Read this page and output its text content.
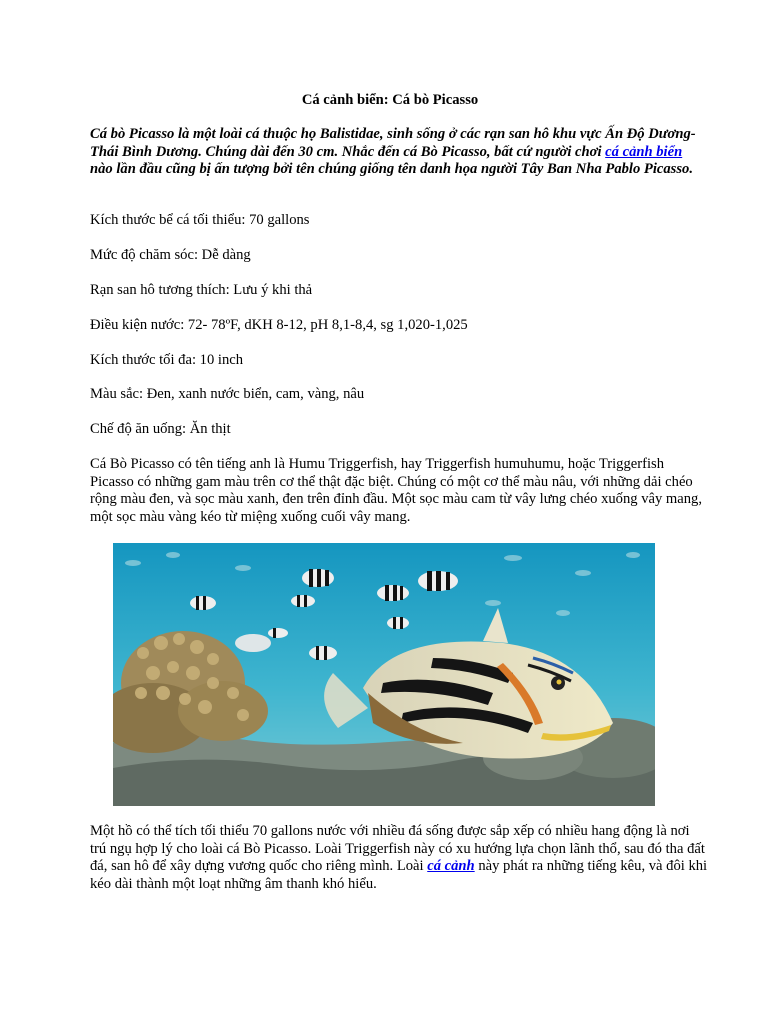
Cá cảnh biển: Cá bò Picasso

Cá bò Picasso là một loài cá thuộc họ Balistidae, sinh sống ở các rạn san hô khu vực Ấn Độ Dương-Thái Bình Dương. Chúng dài đến 30 cm. Nhắc đến cá Bò Picasso, bất cứ người chơi cá cảnh biển nào lần đầu cũng bị ấn tượng bởi tên chúng giống tên danh họa người Tây Ban Nha Pablo Picasso.

Kích thước bể cá tối thiểu: 70 gallons

Mức độ chăm sóc: Dễ dàng

Rạn san hô tương thích: Lưu ý khi thả

Điều kiện nước: 72- 78ºF, dKH 8-12, pH 8,1-8,4, sg 1,020-1,025

Kích thước tối đa: 10 inch

Màu sắc: Đen, xanh nước biển, cam, vàng, nâu

Chế độ ăn uống: Ăn thịt

Cá Bò Picasso có tên tiếng anh là Humu Triggerfish, hay Triggerfish humuhumu, hoặc Triggerfish Picasso có những gam màu trên cơ thể thật đặc biệt. Chúng có một cơ thể màu nâu, với những dải chéo rộng màu đen, và sọc màu xanh, đen trên đỉnh đầu. Một sọc màu cam từ vây lưng chéo xuống vây mang, một sọc màu vàng kéo từ miệng xuống cuối vây mang.

Một hồ có thể tích tối thiểu 70 gallons nước với nhiều đá sống được sắp xếp có nhiều hang động là nơi trú ngụ hợp lý cho loài cá Bò Picasso. Loài Triggerfish này có xu hướng lựa chọn lãnh thổ, sau đó tha đất đá, san hô để xây dựng vương quốc cho riêng mình. Loài cá cảnh này phát ra những tiếng kêu, và đôi khi kéo dài thành một loạt những âm thanh khó hiểu.
